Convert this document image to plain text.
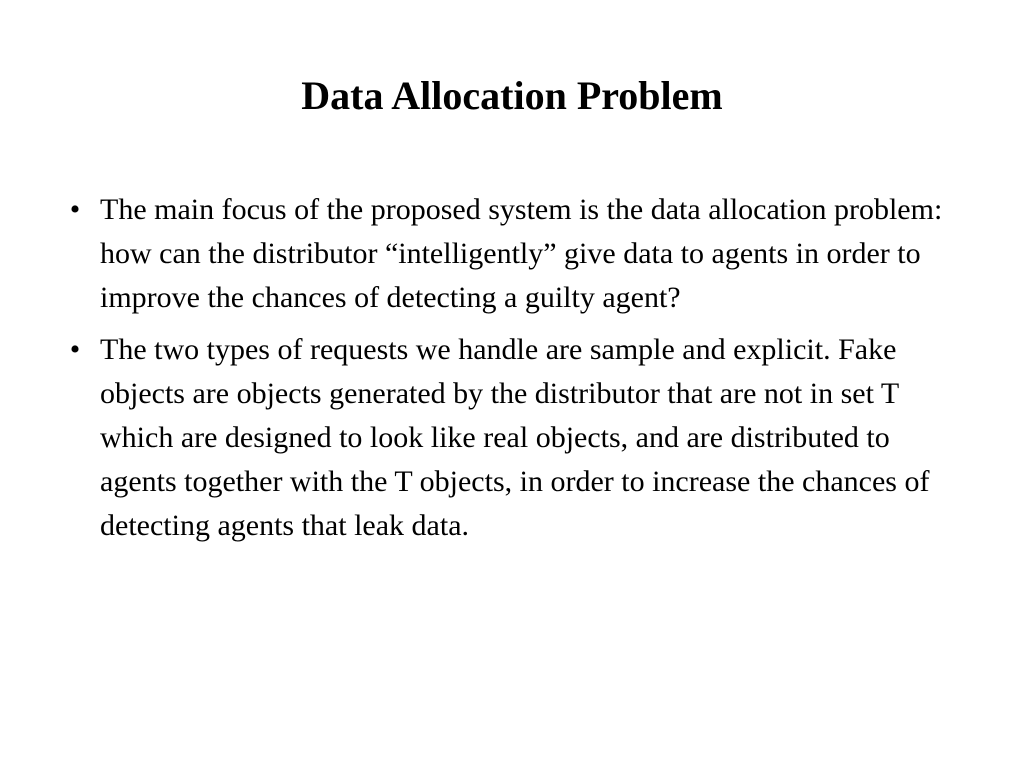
Data Allocation Problem
• The main focus of the proposed system is the data allocation problem: how can the distributor “intelligently” give data to agents in order to improve the chances of detecting a guilty agent?
• The two types of requests we handle are sample and explicit. Fake objects are objects generated by the distributor that are not in set T which are designed to look like real objects, and are distributed to agents together with the T objects, in order to increase the chances of detecting agents that leak data.
